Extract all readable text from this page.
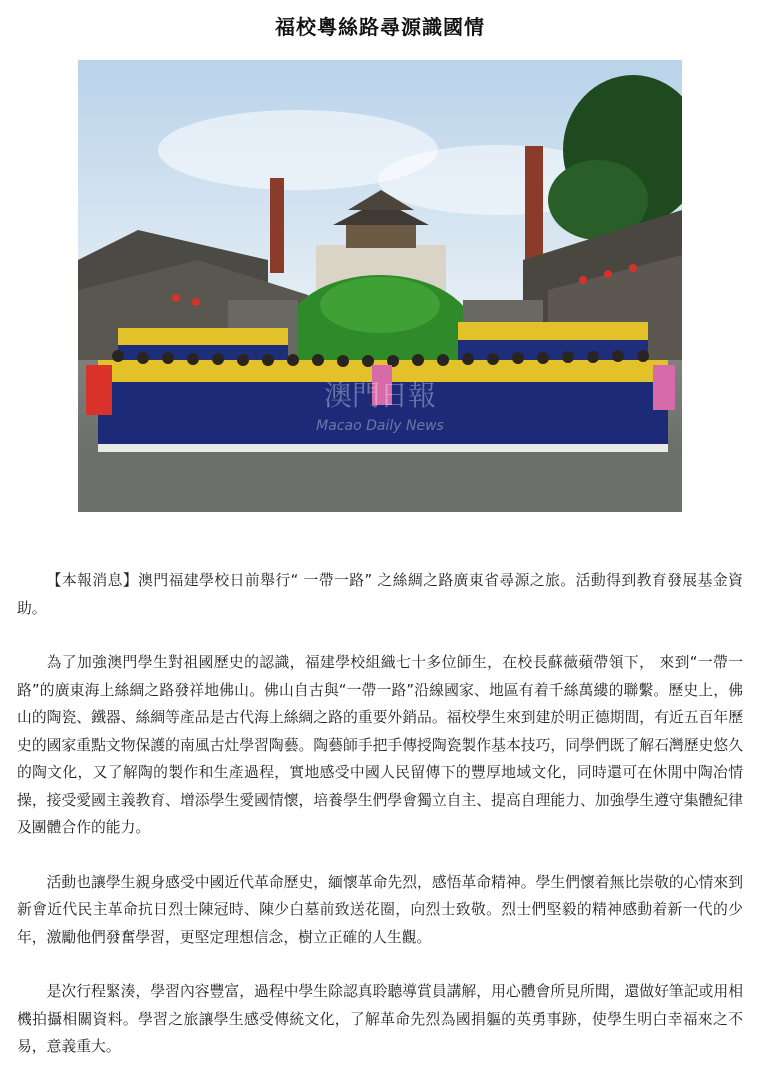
福校粵絲路尋源識國情
澳門日報
Macao Daily News

【本報消息】澳門福建學校日前舉行“ 一帶一路” 之絲綢之路廣東省尋源之旅。活動得到教育發展基金資助。

為了加強澳門學生對祖國歷史的認識，福建學校組織七十多位師生，在校長蘇薇蘋帶領下， 來到“一帶一路”的廣東海上絲綢之路發祥地佛山。佛山自古與“一帶一路”沿線國家、地區有着千絲萬縷的聯繫。歷史上，佛山的陶瓷、鐵器、絲綢等產品是古代海上絲綢之路的重要外銷品。福校學生來到建於明正德期間，有近五百年歷史的國家重點文物保護的南風古灶學習陶藝。陶藝師手把手傳授陶瓷製作基本技巧，同學們既了解石灣歷史悠久的陶文化，又了解陶的製作和生產過程，實地感受中國人民留傳下的豐厚地域文化，同時還可在休閒中陶冶情操，接受愛國主義教育、增添學生愛國情懷，培養學生們學會獨立自主、提高自理能力、加強學生遵守集體紀律及團體合作的能力。

活動也讓學生親身感受中國近代革命歷史，緬懷革命先烈，感悟革命精神。學生們懷着無比崇敬的心情來到新會近代民主革命抗日烈士陳冠時、陳少白墓前致送花圈，向烈士致敬。烈士們堅毅的精神感動着新一代的少年，激勵他們發奮學習，更堅定理想信念，樹立正確的人生觀。

是次行程緊湊，學習內容豐富，過程中學生除認真聆聽導賞員講解，用心體會所見所聞，還做好筆記或用相機拍攝相關資料。學習之旅讓學生感受傳統文化，了解革命先烈為國捐軀的英勇事跡，使學生明白幸福來之不易，意義重大。
